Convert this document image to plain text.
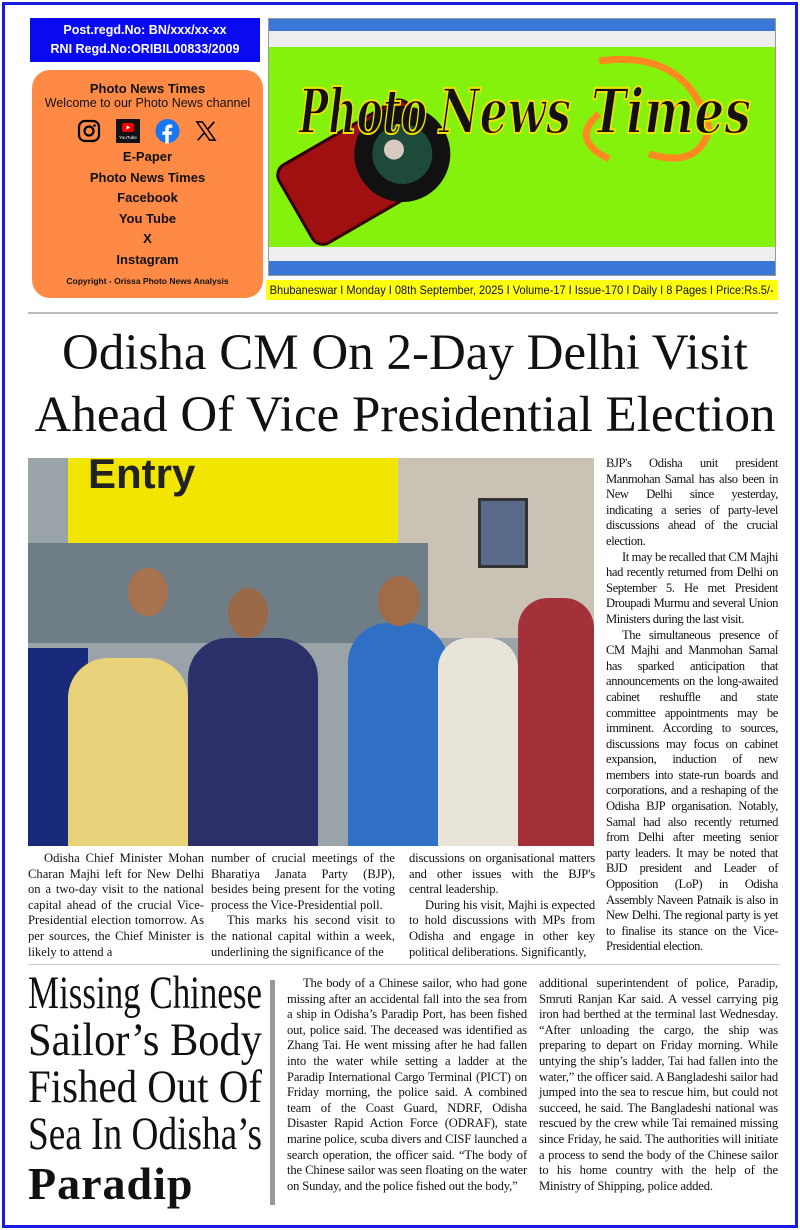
Post.regd.No: BN/xxx/xx-xx
RNI Regd.No:ORIBIL00833/2009
Photo News Times
Welcome to our Photo News channel
YouTube
E-Paper
Photo News Times
Facebook
You Tube
X
Instagram
Copyright - Orissa Photo News Analysis
Photo News Times
Bhubaneswar I Monday I 08th September, 2025 I Volume-17 I Issue-170 I Daily I 8 Pages I Price:Rs.5/-
Odisha CM On 2-Day Delhi Visit
Ahead Of Vice Presidential Election
Entry

Odisha Chief Minister Mohan Charan Majhi left for New Delhi on a two-day visit to the national capital ahead of the crucial Vice-Presidential election tomorrow. As per sources, the Chief Minister is likely to attend a

number of crucial meetings of the Bharatiya Janata Party (BJP), besides being present for the voting process the Vice-Presidential poll.

This marks his second visit to the national capital within a week, underlining the significance of the

discussions on organisational matters and other issues with the BJP's central leadership.

During his visit, Majhi is expected to hold discussions with MPs from Odisha and engage in other key political deliberations. Significantly,

BJP's Odisha unit president Manmohan Samal has also been in New Delhi since yesterday, indicating a series of party-level discussions ahead of the crucial election.

It may be recalled that CM Majhi had recently returned from Delhi on September 5. He met President Droupadi Murmu and several Union Ministers during the last visit.

The simultaneous presence of CM Majhi and Manmohan Samal has sparked anticipation that announcements on the long-awaited cabinet reshuffle and state committee appointments may be imminent. According to sources, discussions may focus on cabinet expansion, induction of new members into state-run boards and corporations, and a reshaping of the Odisha BJP organisation. Notably, Samal had also recently returned from Delhi after meeting senior party leaders. It may be noted that BJD president and Leader of Opposition (LoP) in Odisha Assembly Naveen Patnaik is also in New Delhi. The regional party is yet to finalise its stance on the Vice-Presidential election.

Missing Chinese
Sailor’s Body
Fished Out Of
Sea In Odisha’s
Paradip

The body of a Chinese sailor, who had gone missing after an accidental fall into the sea from a ship in Odisha’s Paradip Port, has been fished out, police said. The deceased was identified as Zhang Tai. He went missing after he had fallen into the water while setting a ladder at the Paradip International Cargo Terminal (PICT) on Friday morning, the police said. A combined team of the Coast Guard, NDRF, Odisha Disaster Rapid Action Force (ODRAF), state marine police, scuba divers and CISF launched a search operation, the officer said. “The body of the Chinese sailor was seen floating on the water on Sunday, and the police fished out the body,”

additional superintendent of police, Paradip, Smruti Ranjan Kar said. A vessel carrying pig iron had berthed at the terminal last Wednesday. “After unloading the cargo, the ship was preparing to depart on Friday morning. While untying the ship’s ladder, Tai had fallen into the water,” the officer said. A Bangladeshi sailor had jumped into the sea to rescue him, but could not succeed, he said. The Bangladeshi national was rescued by the crew while Tai remained missing since Friday, he said. The authorities will initiate a process to send the body of the Chinese sailor to his home country with the help of the Ministry of Shipping, police added.
